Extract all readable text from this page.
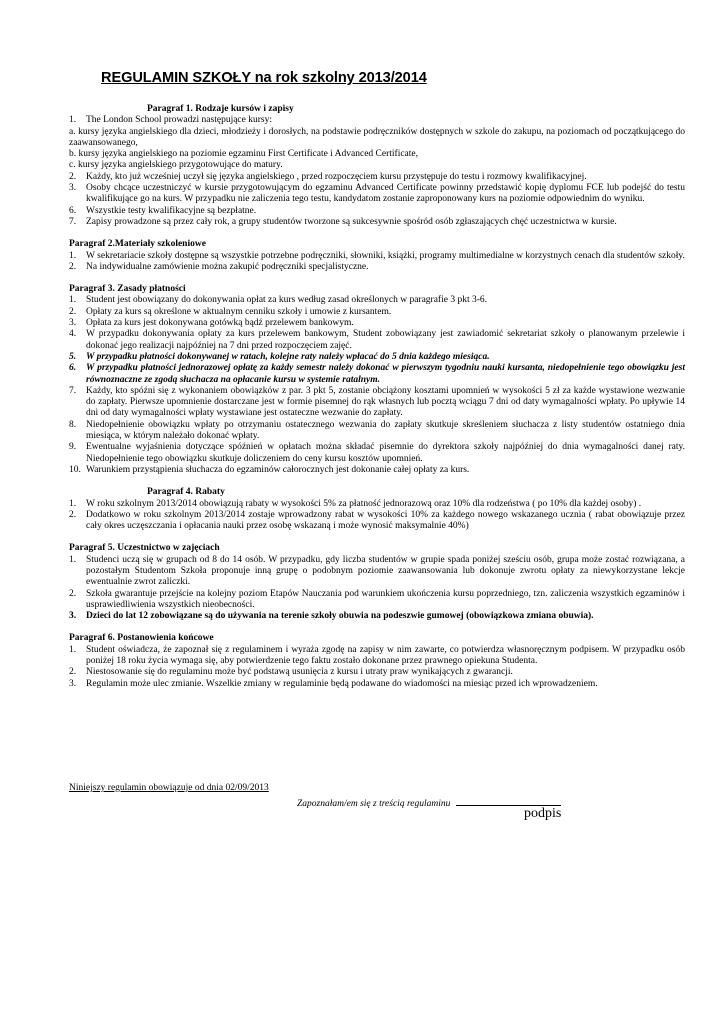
REGULAMIN SZKOŁY na rok szkolny 2013/2014
Paragraf 1. Rodzaje kursów i zapisy
1.	The London School prowadzi następujące kursy:
a. kursy języka angielskiego dla dzieci, młodzieży i dorosłych, na podstawie podręczników dostępnych w szkole do zakupu, na poziomach od początkującego do zaawansowanego,
b. kursy języka angielskiego na poziomie egzaminu First Certificate i Advanced Certificate,
c. kursy języka angielskiego przygotowujące do matury.
2.	Każdy, kto już wcześniej uczył się języka angielskiego , przed rozpoczęciem kursu przystępuje do testu i rozmowy kwalifikacyjnej.
3.	Osoby chcące uczestniczyć w kursie przygotowującym do egzaminu Advanced Certificate powinny przedstawić kopię dyplomu FCE lub podejść do testu kwalifikujące go na kurs. W przypadku nie zaliczenia tego testu, kandydatom zostanie zaproponowany kurs na poziomie odpowiednim do wyniku.
6.	Wszystkie testy kwalifikacyjne są bezpłatne.
7.	Zapisy prowadzone są przez cały rok, a grupy studentów tworzone są sukcesywnie spośród osób zgłaszających chęć uczestnictwa w kursie.
Paragraf 2.Materiały szkoleniowe
1.	W sekretariacie szkoły dostępne są wszystkie potrzebne podręczniki, słowniki, książki, programy multimedialne w korzystnych cenach dla studentów szkoły.
2.	Na indywidualne zamówienie można zakupić podręczniki specjalistyczne.
Paragraf 3. Zasady płatności
1.	Student jest obowiązany do dokonywania opłat za kurs według zasad określonych w paragrafie 3 pkt 3-6.
2.	Opłaty za kurs są określone w aktualnym cenniku szkoły i umowie z kursantem.
3.	Opłata za kurs jest dokonywana gotówką bądź przelewem bankowym.
4.	W przypadku dokonywania opłaty za kurs przelewem bankowym, Student zobowiązany jest zawiadomić sekretariat szkoły o planowanym przelewie i dokonać jego realizacji najpóźniej na 7 dni przed rozpoczęciem zajęć.
5.	W przypadku płatności dokonywanej w ratach, kolejne raty należy wpłacać do 5 dnia każdego miesiąca.
6.	W przypadku płatności jednorazowej opłatę za każdy semestr należy dokonać w pierwszym tygodniu nauki kursanta, niedopełnienie tego obowiązku jest równoznaczne ze zgodą słuchacza na opłacanie kursu w systemie ratalnym.
7.	Każdy, kto spóźni się z wykonaniem obowiązków z par. 3 pkt 5, zostanie obciążony kosztami upomnień w wysokości 5 zł za każde wystawione wezwanie do zapłaty. Pierwsze upomnienie dostarczane jest w formie pisemnej do rąk własnych lub pocztą wciągu 7 dni od daty wymagalności wpłaty. Po upływie 14 dni od daty wymagalności wpłaty wystawiane jest ostateczne wezwanie do zapłaty.
8.	Niedopełnienie obowiązku wpłaty po otrzymaniu ostatecznego wezwania do zapłaty skutkuje skreśleniem słuchacza z listy studentów ostatniego dnia miesiąca, w którym należało dokonać wpłaty.
9.	Ewentualne wyjaśnienia dotyczące spóźnień w opłatach można składać pisemnie do dyrektora szkoły najpóźniej do dnia wymagalności danej raty. Niedopełnienie tego obowiązku skutkuje doliczeniem do ceny kursu kosztów upomnień.
10. Warunkiem przystąpienia słuchacza do egzaminów całorocznych jest dokonanie całej opłaty za kurs.
Paragraf 4. Rabaty
1.	W roku szkolnym 2013/2014 obowiązują rabaty w wysokości 5% za płatność jednorazową oraz 10% dla rodzeństwa ( po 10% dla każdej osoby) .
2.	Dodatkowo w roku szkolnym 2013/2014 zostaje wprowadzony rabat w wysokości 10% za każdego nowego wskazanego ucznia ( rabat obowiązuje przez cały okres uczęszczania i opłacania nauki przez osobę wskazaną i może wynosić maksymalnie 40%)
Paragraf 5. Uczestnictwo w zajęciach
1.	Studenci uczą się w grupach od 8 do 14 osób. W przypadku, gdy liczba studentów w grupie spada poniżej sześciu osób, grupa może zostać rozwiązana, a pozostałym Studentom Szkoła proponuje inną grupę o podobnym poziomie zaawansowania lub dokonuje zwrotu opłaty za niewykorzystane lekcje ewentualnie zwrot zaliczki.
2.	Szkoła gwarantuje przejście na kolejny poziom Etapów Nauczania pod warunkiem ukończenia kursu poprzedniego, tzn. zaliczenia wszystkich egzaminów i usprawiedliwienia wszystkich nieobecności.
3.	Dzieci do lat 12 zobowiązane są do używania na terenie szkoły obuwia na podeszwie gumowej (obowiązkowa zmiana obuwia).
Paragraf 6. Postanowienia końcowe
1.	Student oświadcza, że zapoznał się z regulaminem i wyraża zgodę na zapisy w nim zawarte, co potwierdza własnoręcznym podpisem. W przypadku osób poniżej 18 roku życia wymaga się, aby potwierdzenie tego faktu zostało dokonane przez prawnego opiekuna Studenta.
2.	Niestosowanie się do regulaminu może być podstawą usunięcia z kursu i utraty praw wynikających z gwarancji.
3.	Regulamin może ulec zmianie. Wszelkie zmiany w regulaminie będą podawane do wiadomości na miesiąc przed ich wprowadzeniem.
Niniejszy regulamin obowiązuje od dnia 02/09/2013
Zapoznałam/em się z treścią regulaminu
podpis
